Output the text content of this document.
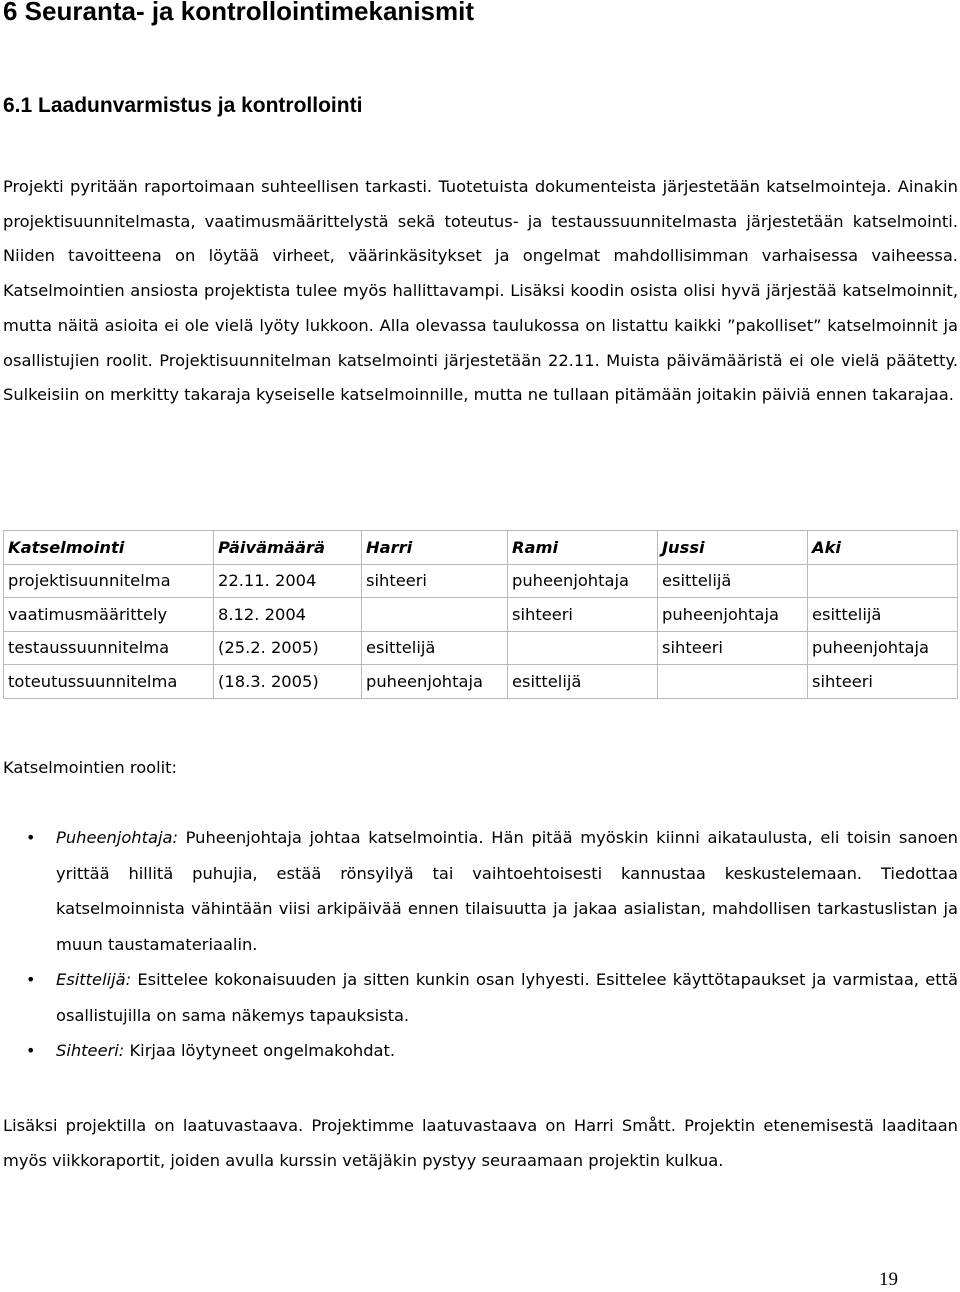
6 Seuranta- ja kontrollointimekanismit
6.1 Laadunvarmistus ja kontrollointi

Projekti pyritään raportoimaan suhteellisen tarkasti. Tuotetuista dokumenteista järjestetään katselmointeja. Ainakin projektisuunnitelmasta, vaatimusmäärittelystä sekä toteutus- ja testaussuunnitelmasta järjestetään katselmointi. Niiden tavoitteena on löytää virheet, väärinkäsitykset ja ongelmat mahdollisimman varhaisessa vaiheessa. Katselmointien ansiosta projektista tulee myös hallittavampi. Lisäksi koodin osista olisi hyvä järjestää katselmoinnit, mutta näitä asioita ei ole vielä lyöty lukkoon. Alla olevassa taulukossa on listattu kaikki ”pakolliset” katselmoinnit ja osallistujien roolit. Projektisuunnitelman katselmointi järjestetään 22.11. Muista päivämääristä ei ole vielä päätetty. Sulkeisiin on merkitty takaraja kyseiselle katselmoinnille, mutta ne tullaan pitämään joitakin päiviä ennen takarajaa.

Katselmointi	Päivämäärä	Harri	Rami	Jussi	Aki
projektisuunnitelma	22.11. 2004	sihteeri	puheenjohtaja	esittelijä	
vaatimusmäärittely	8.12. 2004		sihteeri	puheenjohtaja	esittelijä
testaussuunnitelma	(25.2. 2005)	esittelijä		sihteeri	puheenjohtaja
toteutussuunnitelma	(18.3. 2005)	puheenjohtaja	esittelijä		sihteeri

Katselmointien roolit:

• Puheenjohtaja: Puheenjohtaja johtaa katselmointia. Hän pitää myöskin kiinni aikataulusta, eli toisin sanoen yrittää hillitä puhujia, estää rönsyilyä tai vaihtoehtoisesti kannustaa keskustelemaan. Tiedottaa katselmoinnista vähintään viisi arkipäivää ennen tilaisuutta ja jakaa asialistan, mahdollisen tarkastuslistan ja muun taustamateriaalin.
• Esittelijä: Esittelee kokonaisuuden ja sitten kunkin osan lyhyesti. Esittelee käyttötapaukset ja varmistaa, että osallistujilla on sama näkemys tapauksista.
• Sihteeri: Kirjaa löytyneet ongelmakohdat.

Lisäksi projektilla on laatuvastaava. Projektimme laatuvastaava on Harri Smått. Projektin etenemisestä laaditaan myös viikkoraportit, joiden avulla kurssin vetäjäkin pystyy seuraamaan projektin kulkua.

19
